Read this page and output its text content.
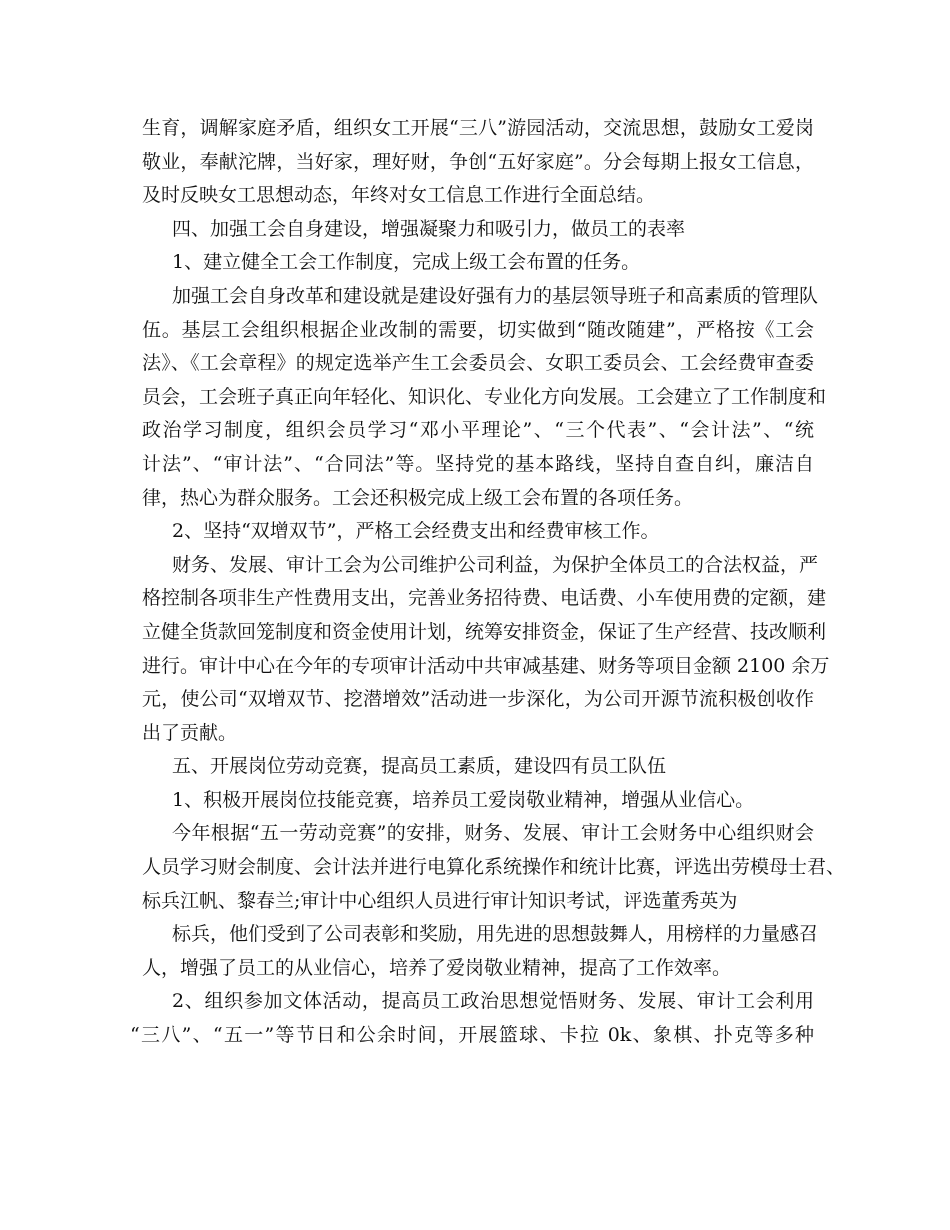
生育，调解家庭矛盾，组织女工开展“三八”游园活动，交流思想，鼓励女工爱岗
敬业，奉献沱牌，当好家，理好财，争创“五好家庭”。分会每期上报女工信息，
及时反映女工思想动态，年终对女工信息工作进行全面总结。
四、加强工会自身建设，增强凝聚力和吸引力，做员工的表率
1、建立健全工会工作制度，完成上级工会布置的任务。
加强工会自身改革和建设就是建设好强有力的基层领导班子和高素质的管理队
伍。基层工会组织根据企业改制的需要，切实做到“随改随建”，严格按《工会
法》、《工会章程》的规定选举产生工会委员会、女职工委员会、工会经费审查委
员会，工会班子真正向年轻化、知识化、专业化方向发展。工会建立了工作制度和
政治学习制度，组织会员学习“邓小平理论”、“三个代表”、“会计法”、“统
计法”、“审计法”、“合同法”等。坚持党的基本路线，坚持自查自纠，廉洁自
律，热心为群众服务。工会还积极完成上级工会布置的各项任务。
2、坚持“双增双节”，严格工会经费支出和经费审核工作。
财务、发展、审计工会为公司维护公司利益，为保护全体员工的合法权益，严
格控制各项非生产性费用支出，完善业务招待费、电话费、小车使用费的定额，建
立健全货款回笼制度和资金使用计划，统筹安排资金，保证了生产经营、技改顺利
进行。审计中心在今年的专项审计活动中共审减基建、财务等项目金额 2100 余万
元，使公司“双增双节、挖潜增效”活动进一步深化，为公司开源节流积极创收作
出了贡献。
五、开展岗位劳动竞赛，提高员工素质，建设四有员工队伍
1、积极开展岗位技能竞赛，培养员工爱岗敬业精神，增强从业信心。
今年根据“五一劳动竞赛”的安排，财务、发展、审计工会财务中心组织财会
人员学习财会制度、会计法并进行电算化系统操作和统计比赛，评选出劳模母士君、
标兵江帆、黎春兰;审计中心组织人员进行审计知识考试，评选董秀英为
标兵，他们受到了公司表彰和奖励，用先进的思想鼓舞人，用榜样的力量感召
人，增强了员工的从业信心，培养了爱岗敬业精神，提高了工作效率。
2、组织参加文体活动，提高员工政治思想觉悟财务、发展、审计工会利用
“三八”、“五一”等节日和公余时间，开展篮球、卡拉 0k、象棋、扑克等多种
